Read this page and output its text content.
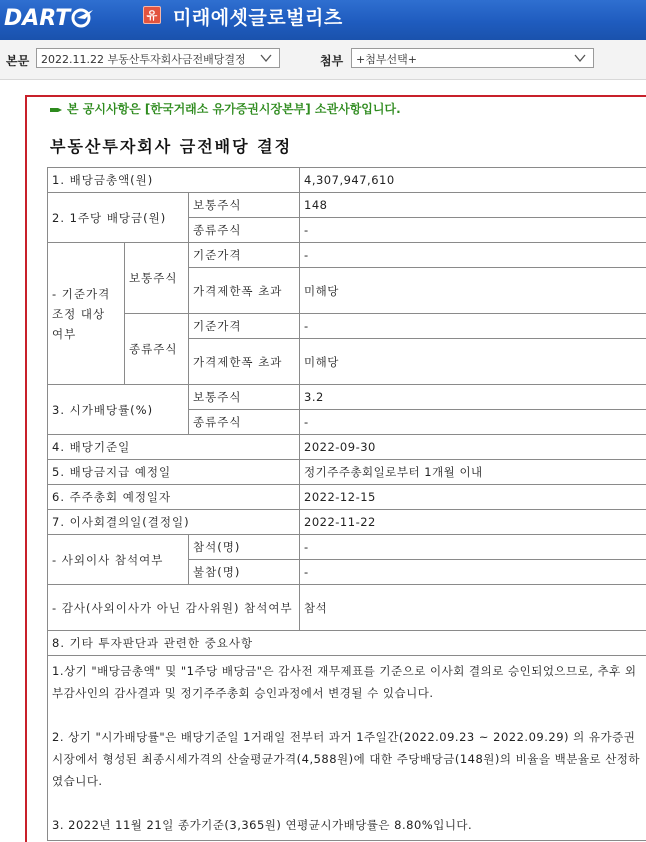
DART	유 미래에셋글로벌리츠
본문	2022.11.22 부동산투자회사금전배당결정	첨부	+첨부선택+
본 공시사항은 [한국거래소 유가증권시장본부] 소관사항입니다.
부동산투자회사 금전배당 결정
1. 배당금총액(원)			4,307,947,610
2. 1주당 배당금(원)		보통주식	148
		종류주식	-
- 기준가격 조정 대상 여부	보통주식	기준가격	-
		가격제한폭 초과	미해당
	종류주식	기준가격	-
		가격제한폭 초과	미해당
3. 시가배당률(%)		보통주식	3.2
		종류주식	-
4. 배당기준일			2022-09-30
5. 배당금지급 예정일			정기주주총회일로부터 1개월 이내
6. 주주총회 예정일자			2022-12-15
7. 이사회결의일(결정일)			2022-11-22
- 사외이사 참석여부		참석(명)	-
		불참(명)	-
- 감사(사외이사가 아닌 감사위원) 참석여부			참석
8. 기타 투자판단과 관련한 중요사항			

1.상기 "배당금총액" 및 "1주당 배당금"은 감사전 재무제표를 기준으로 이사회 결의로 승인되었으므로, 추후 외부감사인의 감사결과 및 정기주주총회 승인과정에서 변경될 수 있습니다.
2. 상기 "시가배당률"은 배당기준일 1거래일 전부터 과거 1주일간(2022.09.23 ~ 2022.09.29) 의 유가증권시장에서 형성된 최종시세가격의 산술평균가격(4,588원)에 대한 주당배당금(148원)의 비율을 백분율로 산정하였습니다.
3. 2022년 11월 21일 종가기준(3,365원) 연평균시가배당률은 8.80%입니다.			
